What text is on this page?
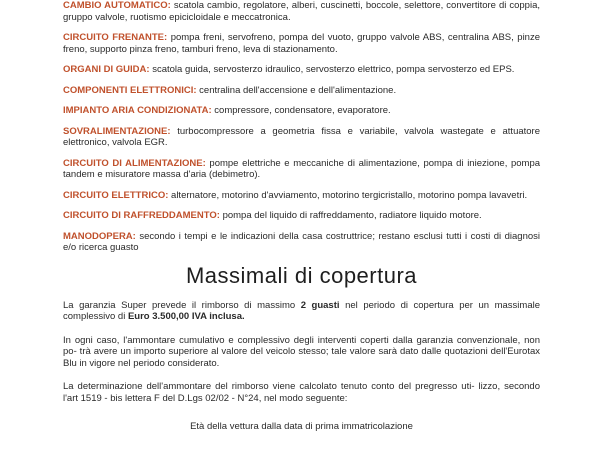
CAMBIO AUTOMATICO: scatola cambio, regolatore, alberi, cuscinetti, boccole, selettore, convertitore di coppia, gruppo valvole, ruotismo epicicloidale e meccatronica.

CIRCUITO FRENANTE: pompa freni, servofreno, pompa del vuoto, gruppo valvole ABS, centralina ABS, pinze freno, supporto pinza freno, tamburi freno, leva di stazionamento.

ORGANI DI GUIDA: scatola guida, servosterzo idraulico, servosterzo elettrico, pompa servosterzo ed EPS.

COMPONENTI ELETTRONICI: centralina dell'accensione e dell'alimentazione.

IMPIANTO ARIA CONDIZIONATA: compressore, condensatore, evaporatore.

SOVRALIMENTAZIONE: turbocompressore a geometria fissa e variabile, valvola wastegate e attuatore elettronico, valvola EGR.

CIRCUITO DI ALIMENTAZIONE: pompe elettriche e meccaniche di alimentazione, pompa di iniezione, pompa tandem e misuratore massa d'aria (debimetro).

CIRCUITO ELETTRICO: alternatore, motorino d'avviamento, motorino tergicristallo, motorino pompa lavavetri.

CIRCUITO DI RAFFREDDAMENTO: pompa del liquido di raffreddamento, radiatore liquido motore.

MANODOPERA: secondo i tempi e le indicazioni della casa costruttrice; restano esclusi tutti i costi di diagnosi e/o ricerca guasto

Massimali di copertura

La garanzia Super prevede il rimborso di massimo 2 guasti nel periodo di copertura per un massimale complessivo di Euro 3.500,00 IVA inclusa.

In ogni caso, l'ammontare cumulativo e complessivo degli interventi coperti dalla garanzia convenzionale, non po- trà avere un importo superiore al valore del veicolo stesso; tale valore sarà dato dalle quotazioni dell'Eurotax Blu in vigore nel periodo considerato.

La determinazione dell'ammontare del rimborso viene calcolato tenuto conto del pregresso uti- lizzo, secondo l'art 1519 - bis lettera F del D.Lgs 02/02 - N°24, nel modo seguente:

Età della vettura dalla data di prima immatricolazione
